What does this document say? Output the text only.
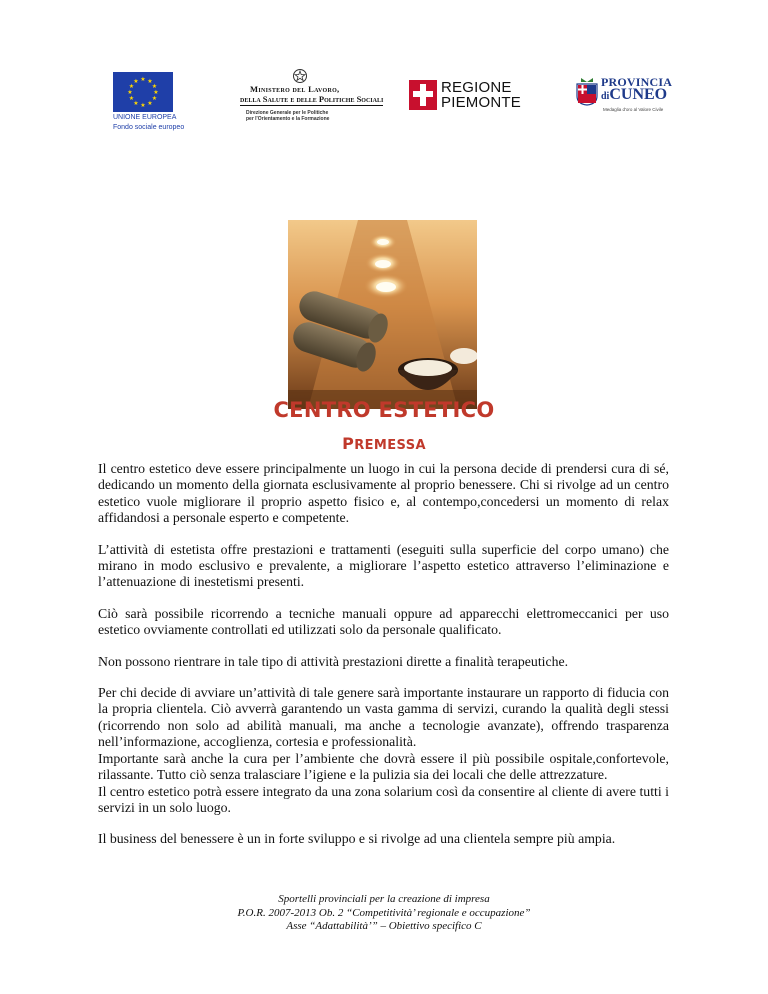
★ ★
★
★
★
★
★
★
★
★
★
★
UNIONE EUROPEA
Fondo sociale europeo
Ministero del Lavoro,
della Salute e delle Politiche Sociali
Direzione Generale per le Politiche
per l'Orientamento e la Formazione
REGIONE
PIEMONTE
PROVINCIA
diCUNEO
Medaglia d'oro al Valore Civile
CENTRO ESTETICO
PREMESSA

Il centro estetico deve essere principalmente un luogo in cui la persona decide di prendersi cura di sé, dedicando un momento della giornata esclusivamente al proprio benessere. Chi si rivolge ad un centro estetico vuole migliorare il proprio aspetto fisico e, al contempo,concedersi un momento di relax affidandosi a personale esperto e competente.

L’attività di estetista offre prestazioni e trattamenti (eseguiti sulla superficie del corpo umano) che mirano in modo esclusivo e prevalente, a migliorare l’aspetto estetico attraverso l’eliminazione e l’attenuazione di inestetismi presenti.

Ciò sarà possibile ricorrendo a tecniche manuali oppure ad apparecchi elettromeccanici per uso estetico ovviamente controllati ed utilizzati solo da personale qualificato.

Non possono rientrare in tale tipo di attività prestazioni dirette a finalità terapeutiche.

Per chi decide di avviare un’attività di tale genere sarà importante instaurare un rapporto di fiducia con la propria clientela. Ciò avverrà garantendo un vasta gamma di servizi, curando la qualità degli stessi (ricorrendo non solo ad abilità manuali, ma anche a tecnologie avanzate), offrendo trasparenza nell’informazione, accoglienza, cortesia e professionalità.

Importante sarà anche la cura per l’ambiente che dovrà essere il più possibile ospitale,confortevole, rilassante. Tutto ciò senza tralasciare l’igiene e la pulizia sia dei locali che delle attrezzature.

Il centro estetico potrà essere integrato da una zona solarium così da consentire al cliente di avere tutti i servizi in un solo luogo.

Il business del benessere è un in forte sviluppo e si rivolge ad una clientela sempre più ampia.

Sportelli provinciali per la creazione di impresa
P.O.R. 2007-2013 Ob. 2 “Competitività’ regionale e occupazione”
Asse “Adattabilità’” – Obiettivo specifico C
